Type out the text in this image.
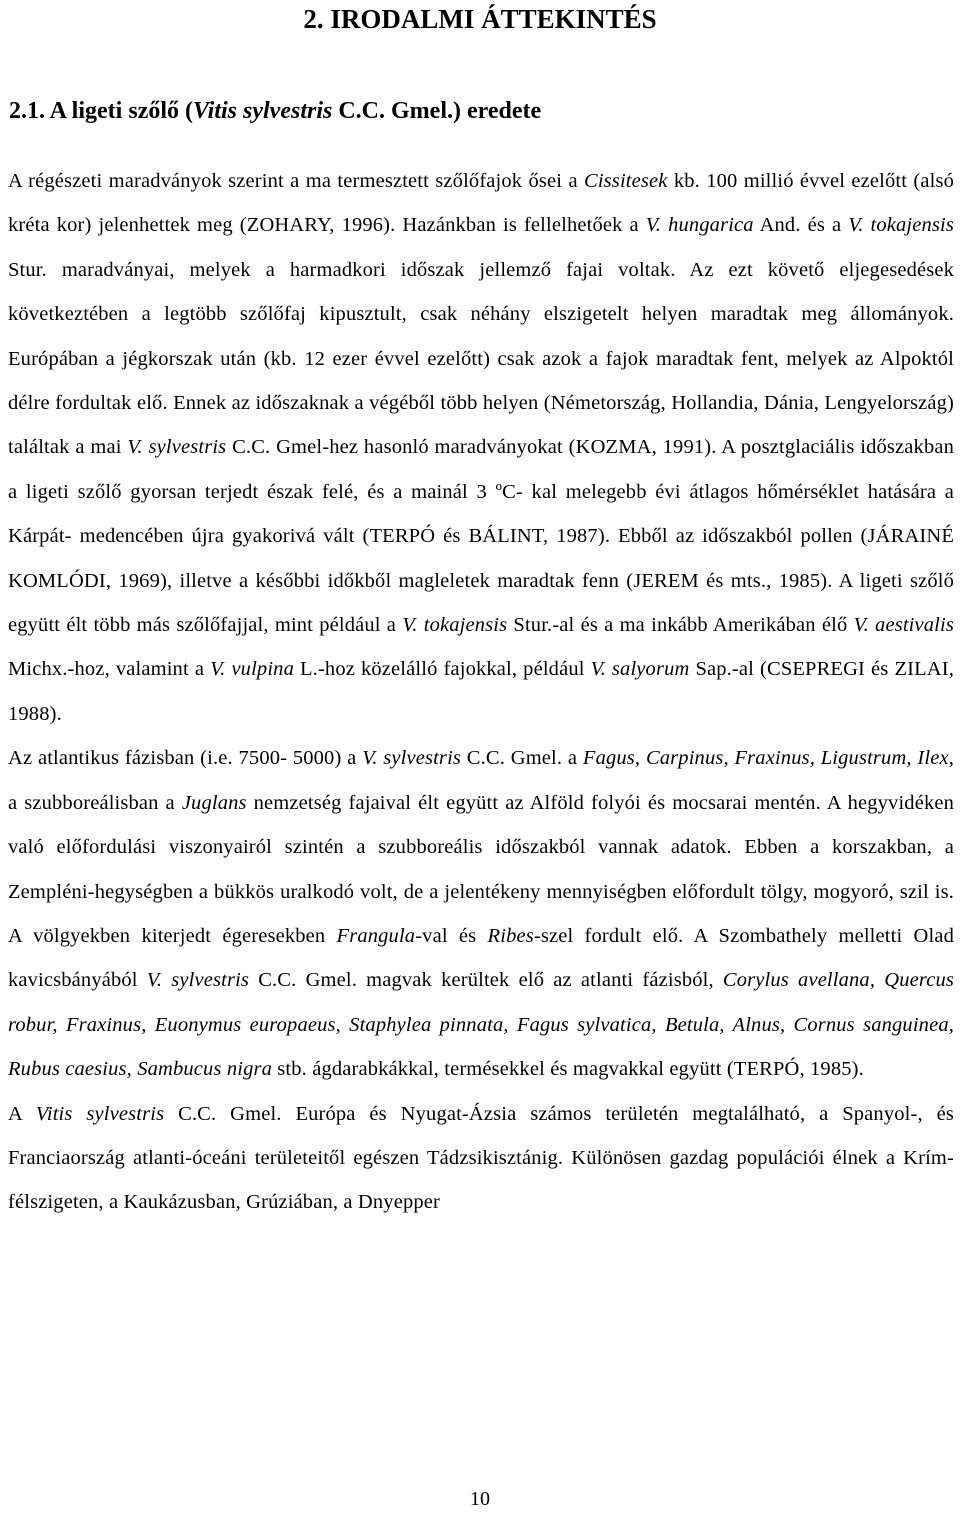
2. IRODALMI ÁTTEKINTÉS
2.1. A ligeti szőlő (Vitis sylvestris C.C. Gmel.) eredete

A régészeti maradványok szerint a ma termesztett szőlőfajok ősei a Cissitesek kb. 100 millió évvel ezelőtt (alsó kréta kor) jelenhettek meg (ZOHARY, 1996). Hazánkban is fellelhetőek a V. hungarica And. és a V. tokajensis Stur. maradványai, melyek a harmadkori időszak jellemző fajai voltak. Az ezt követő eljegesedések következtében a legtöbb szőlőfaj kipusztult, csak néhány elszigetelt helyen maradtak meg állományok. Európában a jégkorszak után (kb. 12 ezer évvel ezelőtt) csak azok a fajok maradtak fent, melyek az Alpoktól délre fordultak elő. Ennek az időszaknak a végéből több helyen (Németország, Hollandia, Dánia, Lengyelország) találtak a mai V. sylvestris C.C. Gmel-hez hasonló maradványokat (KOZMA, 1991). A posztglaciális időszakban a ligeti szőlő gyorsan terjedt észak felé, és a mainál 3 ºC- kal melegebb évi átlagos hőmérséklet hatására a Kárpát- medencében újra gyakorivá vált (TERPÓ és BÁLINT, 1987). Ebből az időszakból pollen (JÁRAINÉ KOMLÓDI, 1969), illetve a későbbi időkből magleletek maradtak fenn (JEREM és mts., 1985). A ligeti szőlő együtt élt több más szőlőfajjal, mint például a V. tokajensis Stur.-al és a ma inkább Amerikában élő V. aestivalis Michx.-hoz, valamint a V. vulpina L.-hoz közelálló fajokkal, például V. salyorum Sap.-al (CSEPREGI és ZILAI, 1988).

Az atlantikus fázisban (i.e. 7500- 5000) a V. sylvestris C.C. Gmel. a Fagus, Carpinus, Fraxinus, Ligustrum, Ilex, a szubboreálisban a Juglans nemzetség fajaival élt együtt az Alföld folyói és mocsarai mentén. A hegyvidéken való előfordulási viszonyairól szintén a szubboreális időszakból vannak adatok. Ebben a korszakban, a Zempléni-hegységben a bükkös uralkodó volt, de a jelentékeny mennyiségben előfordult tölgy, mogyoró, szil is. A völgyekben kiterjedt égeresekben Frangula-val és Ribes-szel fordult elő. A Szombathely melletti Olad kavicsbányából V. sylvestris C.C. Gmel. magvak kerültek elő az atlanti fázisból, Corylus avellana, Quercus robur, Fraxinus, Euonymus europaeus, Staphylea pinnata, Fagus sylvatica, Betula, Alnus, Cornus sanguinea, Rubus caesius, Sambucus nigra stb. ágdarabkákkal, termésekkel és magvakkal együtt (TERPÓ, 1985).

A Vitis sylvestris C.C. Gmel. Európa és Nyugat-Ázsia számos területén megtalálható, a Spanyol-, és Franciaország atlanti-óceáni területeitől egészen Tádzsikisztánig. Különösen gazdag populációi élnek a Krím-félszigeten, a Kaukázusban, Grúziában, a Dnyepper

10
